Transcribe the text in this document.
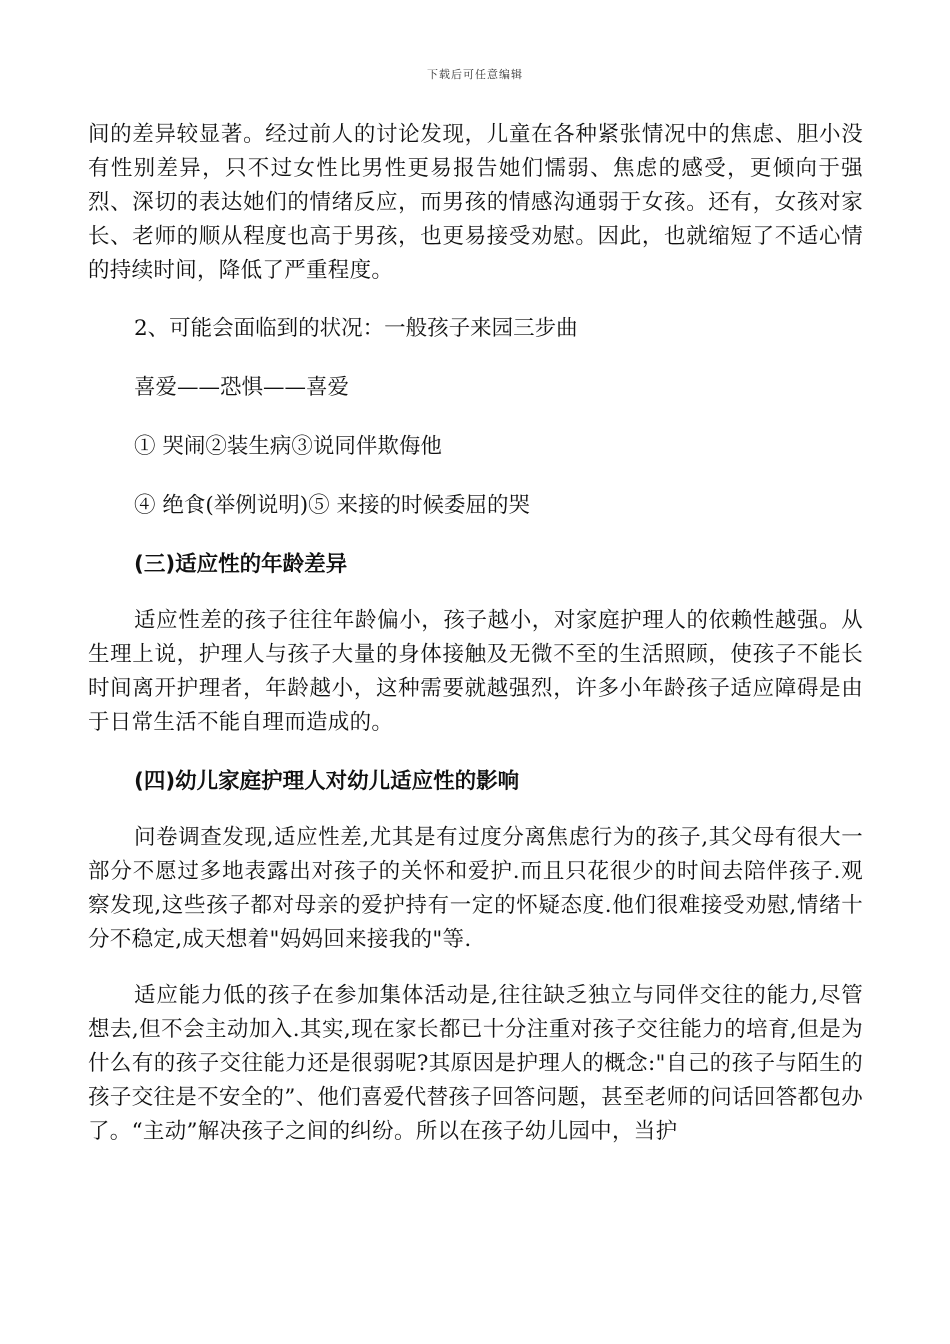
下载后可任意编辑

间的差异较显著。经过前人的讨论发现，儿童在各种紧张情况中的焦虑、胆小没有性别差异，只不过女性比男性更易报告她们懦弱、焦虑的感受，更倾向于强烈、深切的表达她们的情绪反应，而男孩的情感沟通弱于女孩。还有，女孩对家长、老师的顺从程度也高于男孩，也更易接受劝慰。因此，也就缩短了不适心情的持续时间，降低了严重程度。

2、可能会面临到的状况：一般孩子来园三步曲

喜爱——恐惧——喜爱

① 哭闹②装生病③说同伴欺侮他

④ 绝食(举例说明)⑤ 来接的时候委屈的哭

(三)适应性的年龄差异

适应性差的孩子往往年龄偏小，孩子越小，对家庭护理人的依赖性越强。从生理上说，护理人与孩子大量的身体接触及无微不至的生活照顾，使孩子不能长时间离开护理者，年龄越小，这种需要就越强烈，许多小年龄孩子适应障碍是由于日常生活不能自理而造成的。

(四)幼儿家庭护理人对幼儿适应性的影响

问卷调查发现,适应性差,尤其是有过度分离焦虑行为的孩子,其父母有很大一部分不愿过多地表露出对孩子的关怀和爱护.而且只花很少的时间去陪伴孩子.观察发现,这些孩子都对母亲的爱护持有一定的怀疑态度.他们很难接受劝慰,情绪十分不稳定,成天想着"妈妈回来接我的"等.

适应能力低的孩子在参加集体活动是,往往缺乏独立与同伴交往的能力,尽管想去,但不会主动加入.其实,现在家长都已十分注重对孩子交往能力的培育,但是为什么有的孩子交往能力还是很弱呢?其原因是护理人的概念:"自己的孩子与陌生的孩子交往是不安全的”、他们喜爱代替孩子回答问题，甚至老师的问话回答都包办了。“主动”解决孩子之间的纠纷。所以在孩子幼儿园中，当护
